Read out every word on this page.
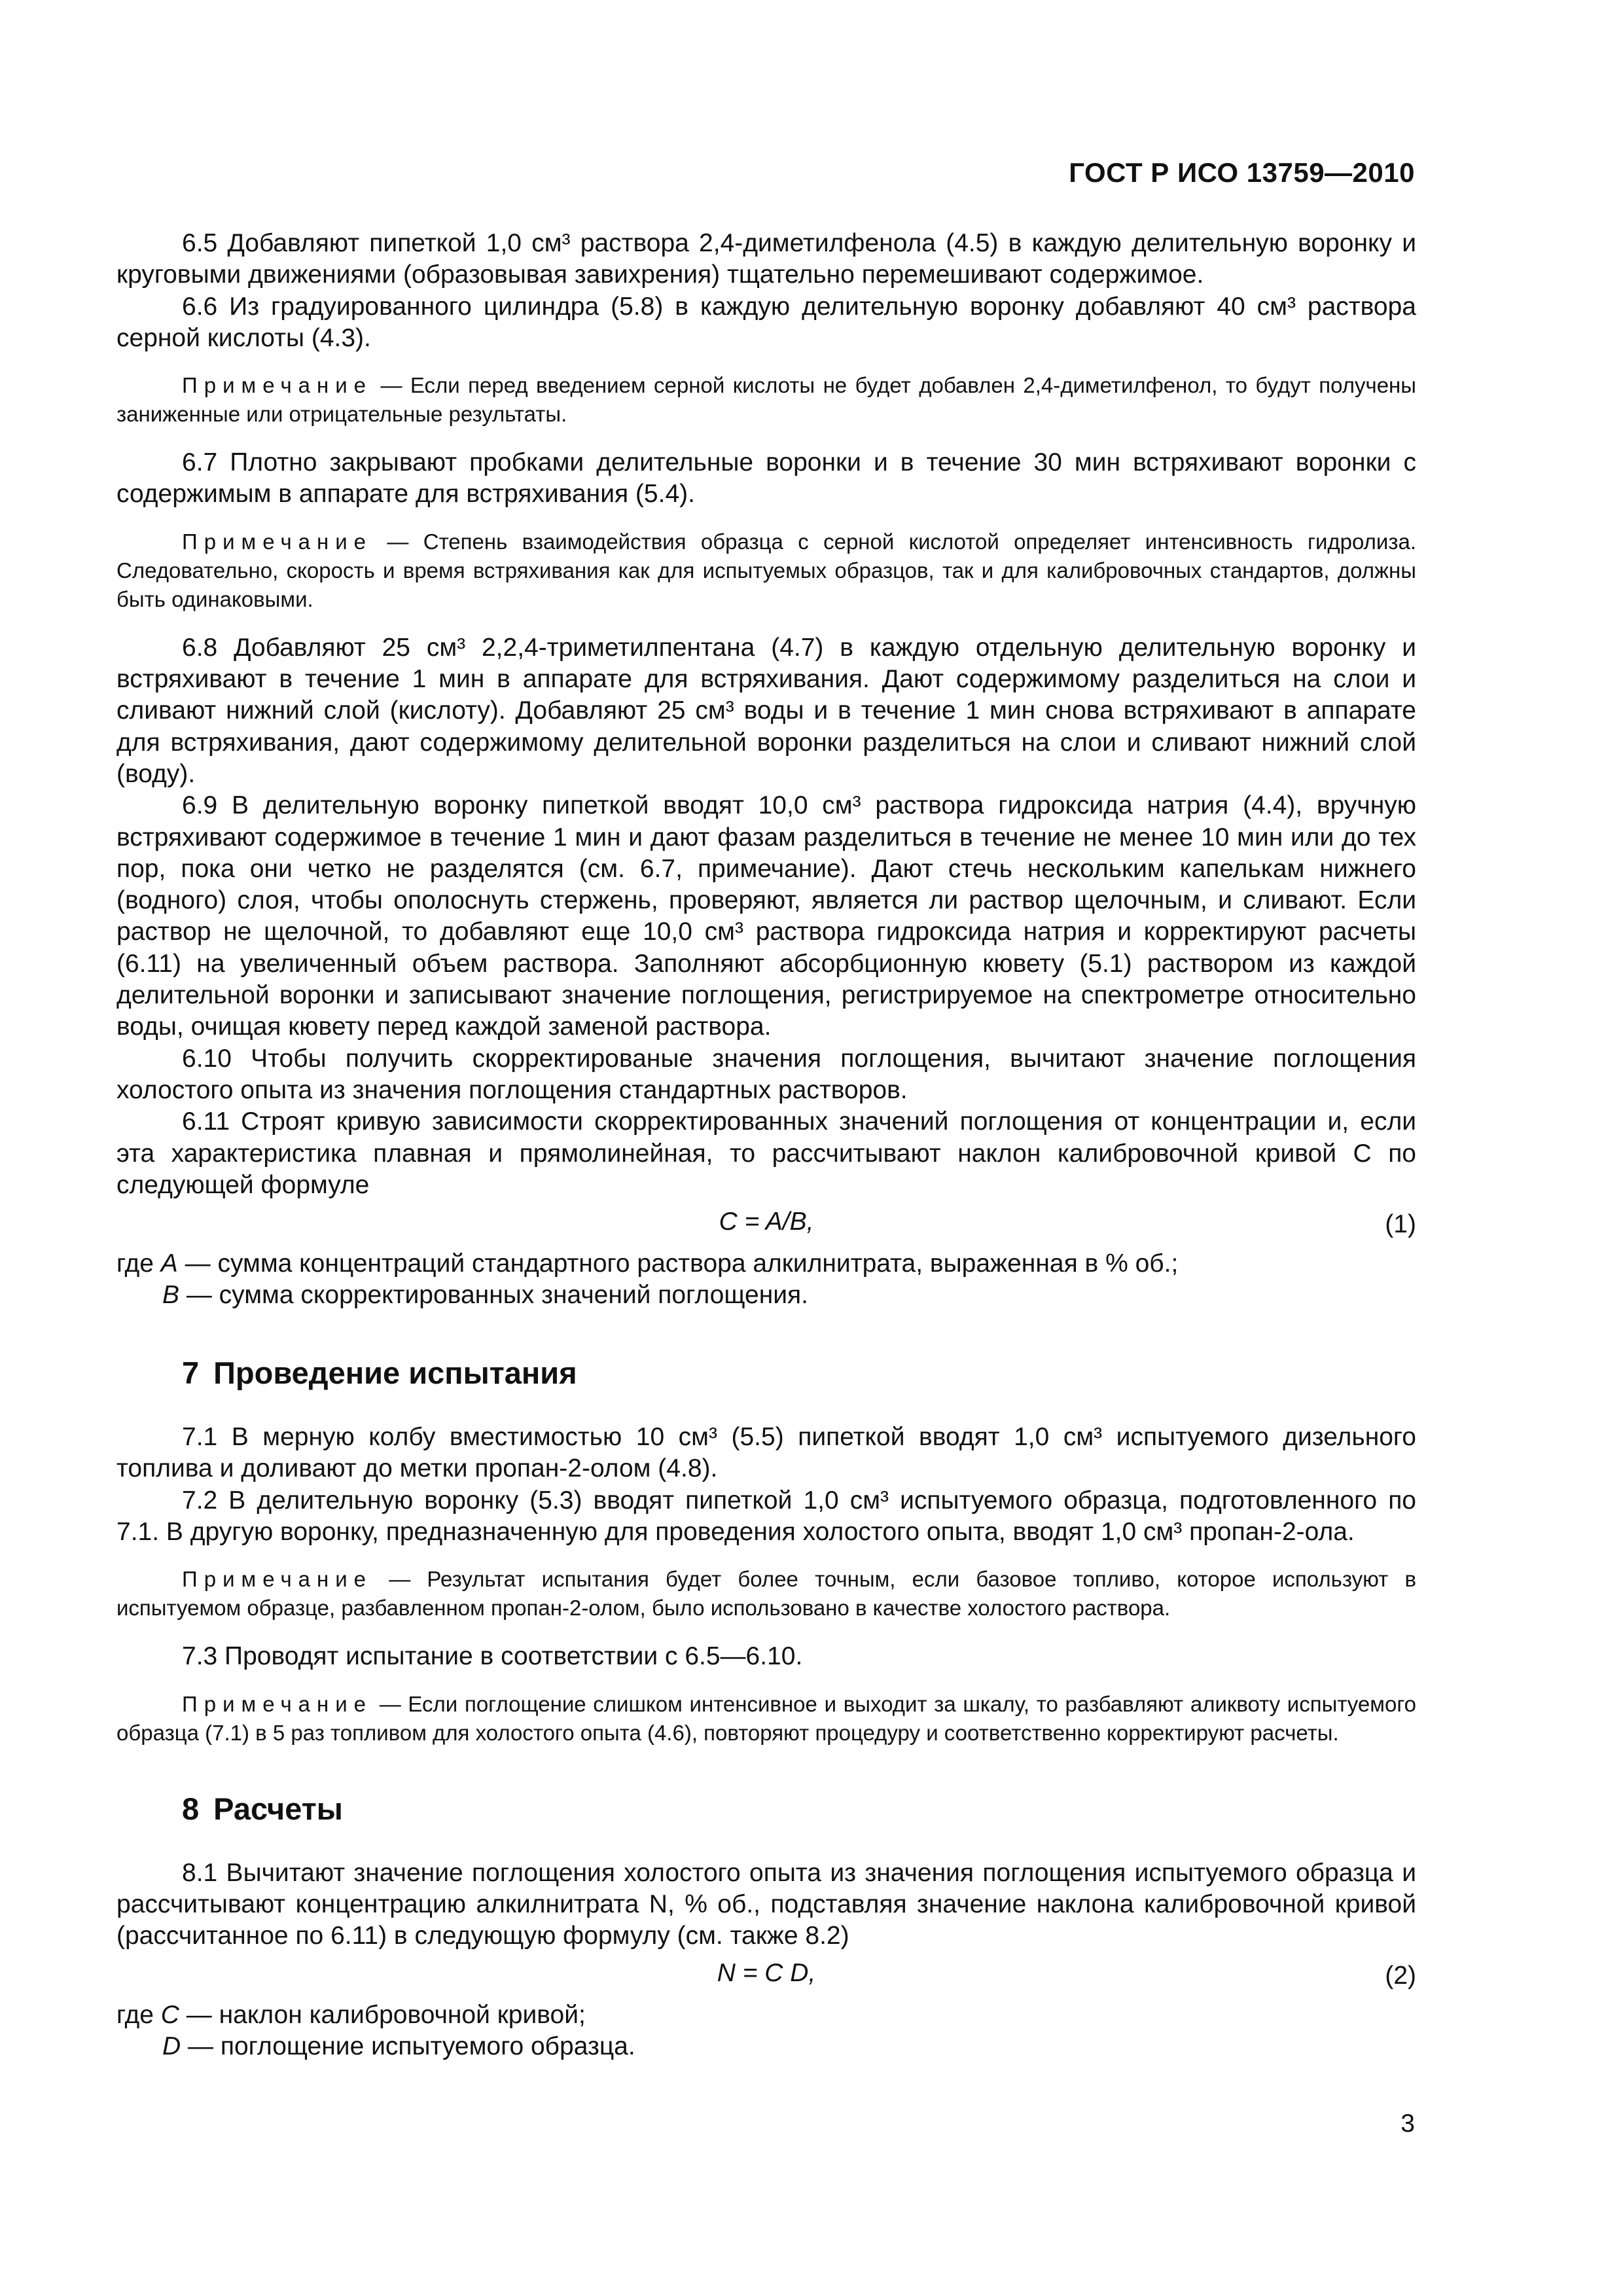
ГОСТ Р ИСО 13759—2010

6.5 Добавляют пипеткой 1,0 см³ раствора 2,4-диметилфенола (4.5) в каждую делительную воронку и круговыми движениями (образовывая завихрения) тщательно перемешивают содержимое.

6.6 Из градуированного цилиндра (5.8) в каждую делительную воронку добавляют 40 см³ раствора серной кислоты (4.3).

Примечание — Если перед введением серной кислоты не будет добавлен 2,4-диметилфенол, то будут получены заниженные или отрицательные результаты.

6.7 Плотно закрывают пробками делительные воронки и в течение 30 мин встряхивают воронки с содержимым в аппарате для встряхивания (5.4).

Примечание — Степень взаимодействия образца с серной кислотой определяет интенсивность гидролиза. Следовательно, скорость и время встряхивания как для испытуемых образцов, так и для калибровочных стандартов, должны быть одинаковыми.

6.8 Добавляют 25 см³ 2,2,4-триметилпентана (4.7) в каждую отдельную делительную воронку и встряхивают в течение 1 мин в аппарате для встряхивания. Дают содержимому разделиться на слои и сливают нижний слой (кислоту). Добавляют 25 см³ воды и в течение 1 мин снова встряхивают в аппарате для встряхивания, дают содержимому делительной воронки разделиться на слои и сливают нижний слой (воду).

6.9 В делительную воронку пипеткой вводят 10,0 см³ раствора гидроксида натрия (4.4), вручную встряхивают содержимое в течение 1 мин и дают фазам разделиться в течение не менее 10 мин или до тех пор, пока они четко не разделятся (см. 6.7, примечание). Дают стечь нескольким капелькам нижнего (водного) слоя, чтобы ополоснуть стержень, проверяют, является ли раствор щелочным, и сливают. Если раствор не щелочной, то добавляют еще 10,0 см³ раствора гидроксида натрия и корректируют расчеты (6.11) на увеличенный объем раствора. Заполняют абсорбционную кювету (5.1) раствором из каждой делительной воронки и записывают значение поглощения, регистрируемое на спектрометре относительно воды, очищая кювету перед каждой заменой раствора.

6.10 Чтобы получить скорректированые значения поглощения, вычитают значение поглощения холостого опыта из значения поглощения стандартных растворов.

6.11 Строят кривую зависимости скорректированных значений поглощения от концентрации и, если эта характеристика плавная и прямолинейная, то рассчитывают наклон калибровочной кривой C по следующей формуле

C = A/B,	(1)

где A — сумма концентраций стандартного раствора алкилнитрата, выраженная в % об.;

B — сумма скорректированных значений поглощения.

7 Проведение испытания

7.1 В мерную колбу вместимостью 10 см³ (5.5) пипеткой вводят 1,0 см³ испытуемого дизельного топлива и доливают до метки пропан-2-олом (4.8).

7.2 В делительную воронку (5.3) вводят пипеткой 1,0 см³ испытуемого образца, подготовленного по 7.1. В другую воронку, предназначенную для проведения холостого опыта, вводят 1,0 см³ пропан-2-ола.

Примечание — Результат испытания будет более точным, если базовое топливо, которое используют в испытуемом образце, разбавленном пропан-2-олом, было использовано в качестве холостого раствора.

7.3 Проводят испытание в соответствии с 6.5—6.10.

Примечание — Если поглощение слишком интенсивное и выходит за шкалу, то разбавляют аликвоту испытуемого образца (7.1) в 5 раз топливом для холостого опыта (4.6), повторяют процедуру и соответственно корректируют расчеты.

8 Расчеты

8.1 Вычитают значение поглощения холостого опыта из значения поглощения испытуемого образца и рассчитывают концентрацию алкилнитрата N, % об., подставляя значение наклона калибровочной кривой (рассчитанное по 6.11) в следующую формулу (см. также 8.2)

N = C D,	(2)

где C — наклон калибровочной кривой;

D — поглощение испытуемого образца.

3
